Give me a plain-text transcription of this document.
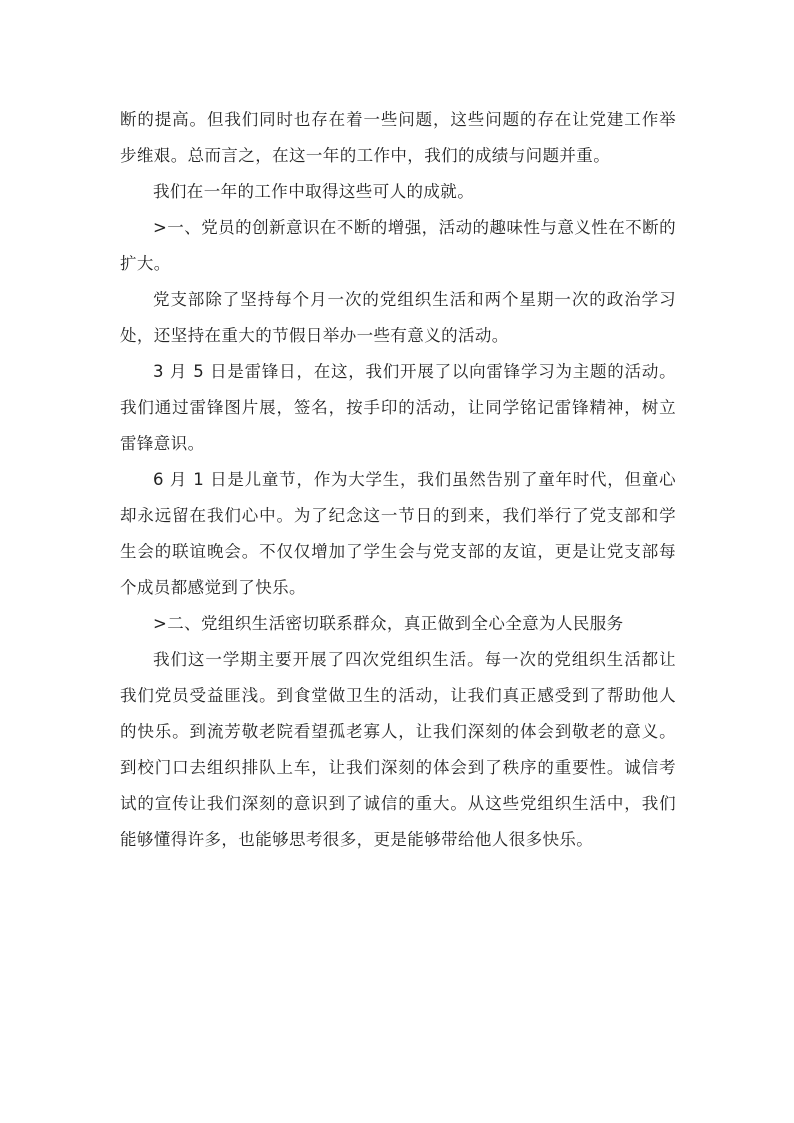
断的提高。但我们同时也存在着一些问题，这些问题的存在让党建工作举步维艰。总而言之，在这一年的工作中，我们的成绩与问题并重。

我们在一年的工作中取得这些可人的成就。

>一、党员的创新意识在不断的增强，活动的趣味性与意义性在不断的扩大。

党支部除了坚持每个月一次的党组织生活和两个星期一次的政治学习处，还坚持在重大的节假日举办一些有意义的活动。

3 月 5 日是雷锋日，在这，我们开展了以向雷锋学习为主题的活动。我们通过雷锋图片展，签名，按手印的活动，让同学铭记雷锋精神，树立雷锋意识。

6 月 1 日是儿童节，作为大学生，我们虽然告别了童年时代，但童心却永远留在我们心中。为了纪念这一节日的到来，我们举行了党支部和学生会的联谊晚会。不仅仅增加了学生会与党支部的友谊，更是让党支部每个成员都感觉到了快乐。

>二、党组织生活密切联系群众，真正做到全心全意为人民服务

我们这一学期主要开展了四次党组织生活。每一次的党组织生活都让我们党员受益匪浅。到食堂做卫生的活动，让我们真正感受到了帮助他人的快乐。到流芳敬老院看望孤老寡人，让我们深刻的体会到敬老的意义。到校门口去组织排队上车，让我们深刻的体会到了秩序的重要性。诚信考试的宣传让我们深刻的意识到了诚信的重大。从这些党组织生活中，我们能够懂得许多，也能够思考很多，更是能够带给他人很多快乐。
